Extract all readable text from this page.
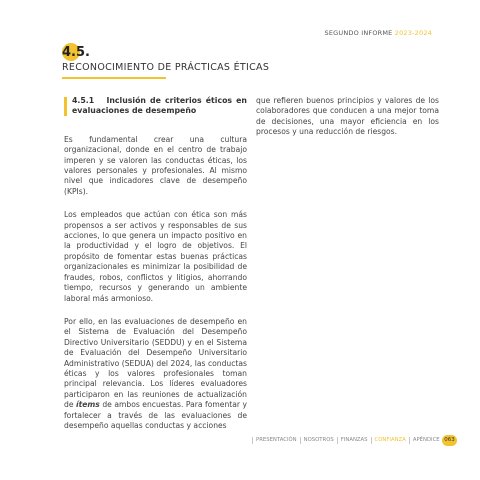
SEGUNDO INFORME 2023-2024
4.5.
RECONOCIMIENTO DE PRÁCTICAS ÉTICAS
4.5.1 Inclusión de criterios éticos en evaluaciones de desempeño

Es fundamental crear una cultura organizacional, donde en el centro de trabajo imperen y se valoren las conductas éticas, los valores personales y profesionales. Al mismo nivel que indicadores clave de desempeño (KPIs).

Los empleados que actúan con ética son más propensos a ser activos y responsables de sus acciones, lo que genera un impacto positivo en la productividad y el logro de objetivos. El propósito de fomentar estas buenas prácticas organizacionales es minimizar la posibilidad de fraudes, robos, conflictos y litigios, ahorrando tiempo, recursos y generando un ambiente laboral más armonioso.

Por ello, en las evaluaciones de desempeño en el Sistema de Evaluación del Desempeño Directivo Universitario (SEDDU) y en el Sistema de Evaluación del Desempeño Universitario Administrativo (SEDUA) del 2024, las conductas éticas y los valores profesionales toman principal relevancia. Los líderes evaluadores participaron en las reuniones de actualización de ítems de ambos encuestas. Para fomentar y fortalecer a través de las evaluaciones de desempeño aquellas conductas y acciones

que refieren buenos principios y valores de los colaboradores que conducen a una mejor toma de decisiones, una mayor eficiencia en los procesos y una reducción de riesgos.

PRESENTACIÓN	NOSOTROS	FINANZAS	CONFIANZA	APÉNDICE 063
